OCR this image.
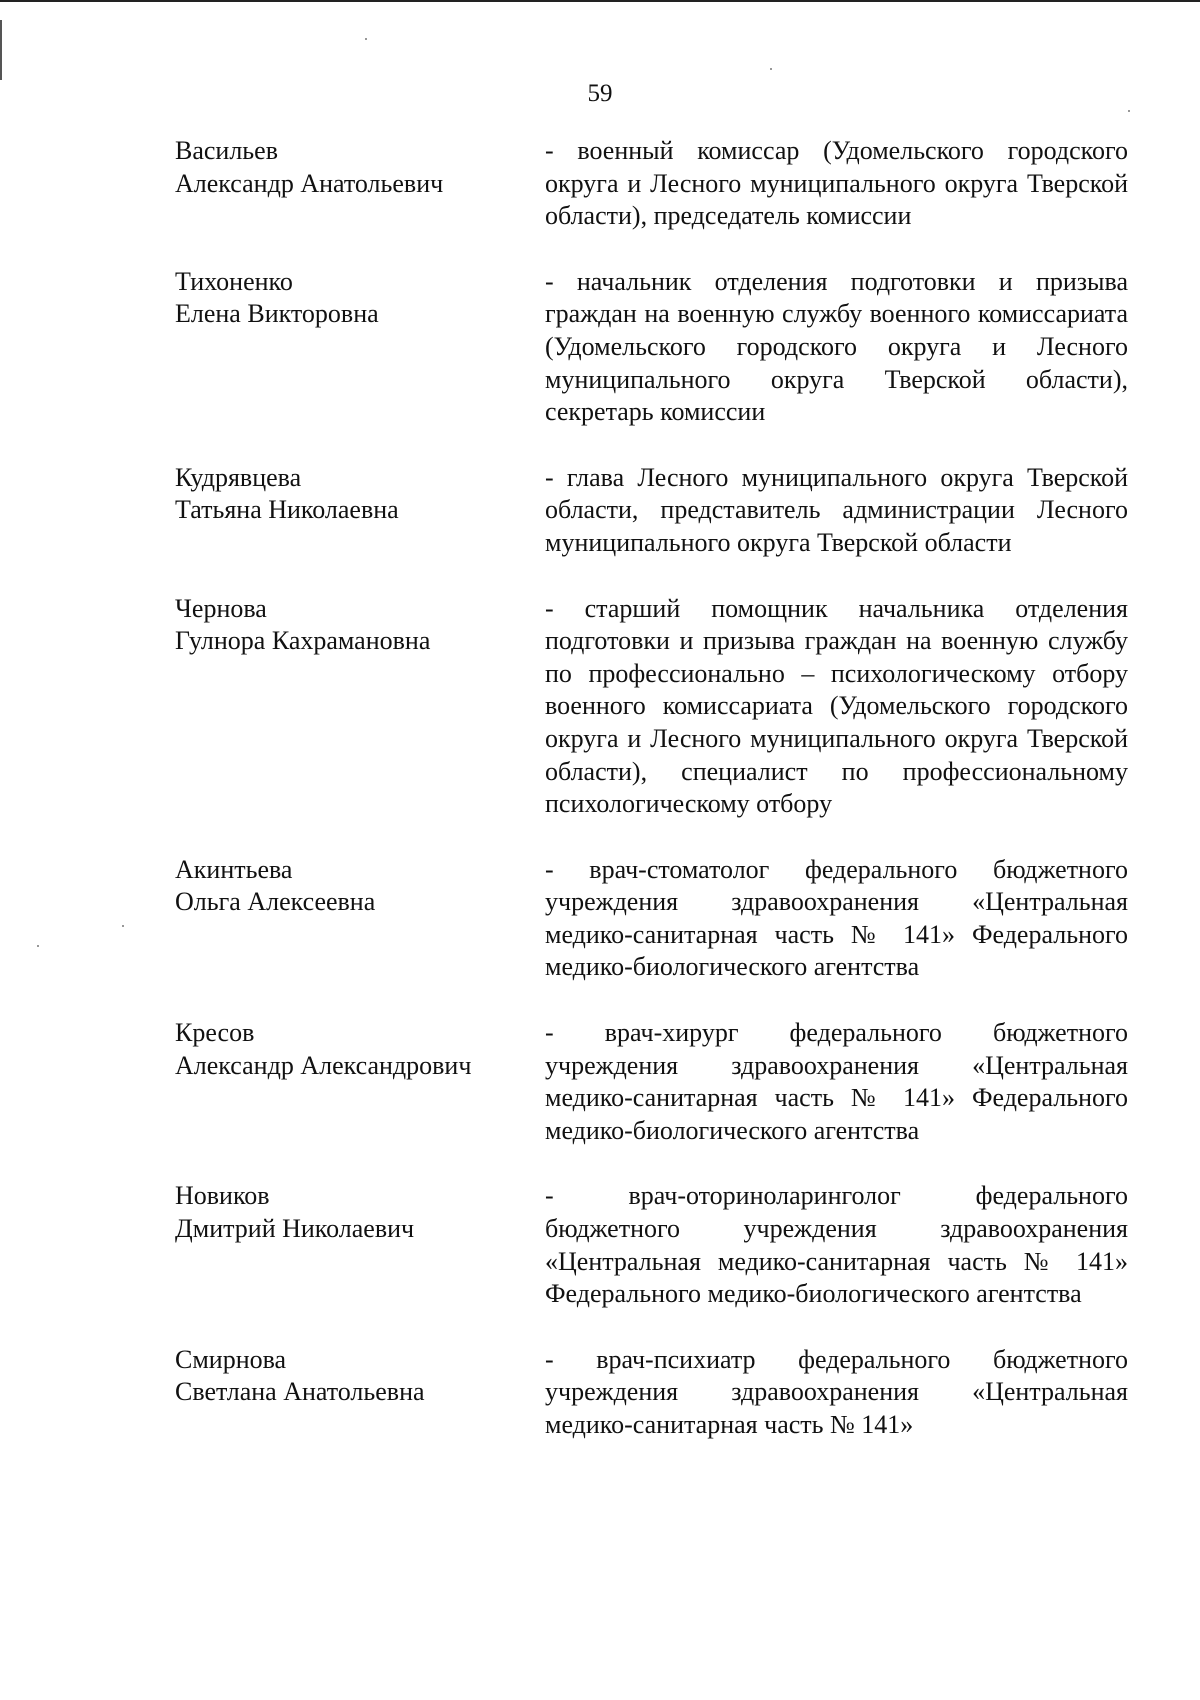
59
Васильев
Александр Анатольевич
- военный комиссар (Удомельского городского округа и Лесного муниципального округа Тверской области), председатель комиссии
Тихоненко
Елена Викторовна
- начальник отделения подготовки и призыва граждан на военную службу военного комиссариата (Удомельского городского округа и Лесного муниципального округа Тверской области), секретарь комиссии
Кудрявцева
Татьяна Николаевна
- глава Лесного муниципального округа Тверской области, представитель администрации Лесного муниципального округа Тверской области
Чернова
Гулнора Кахрамановна
- старший помощник начальника отделения подготовки и призыва граждан на военную службу по профессионально – психологическому отбору военного комиссариата (Удомельского городского округа и Лесного муниципального округа Тверской области), специалист по профессиональному психологическому отбору
Акинтьева
Ольга Алексеевна
- врач-стоматолог федерального бюджетного учреждения здравоохранения «Центральная медико-санитарная часть № 141» Федерального медико-биологического агентства
Кресов
Александр Александрович
- врач-хирург федерального бюджетного учреждения здравоохранения «Центральная медико-санитарная часть № 141» Федерального медико-биологического агентства
Новиков
Дмитрий Николаевич
- врач-оториноларинголог федерального бюджетного учреждения здравоохранения «Центральная медико-санитарная часть № 141» Федерального медико-биологического агентства
Смирнова
Светлана Анатольевна
- врач-психиатр федерального бюджетного учреждения здравоохранения «Центральная медико-санитарная часть № 141»
